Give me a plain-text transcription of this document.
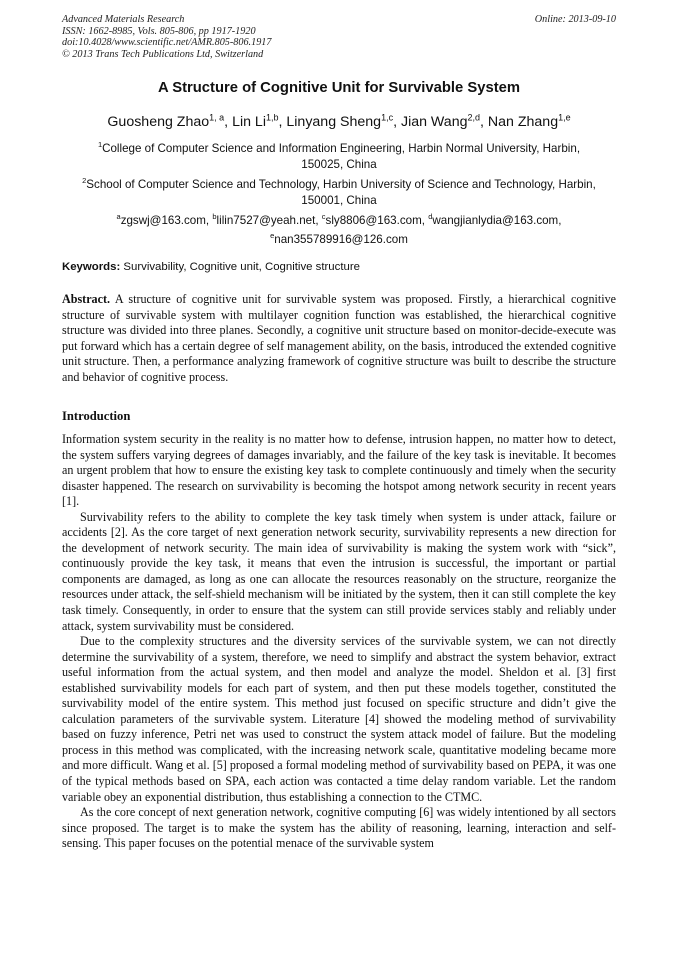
Advanced Materials Research
ISSN: 1662-8985, Vols. 805-806, pp 1917-1920
doi:10.4028/www.scientific.net/AMR.805-806.1917
© 2013 Trans Tech Publications Ltd, Switzerland
Online: 2013-09-10
A Structure of Cognitive Unit for Survivable System
Guosheng Zhao$^{1, a}$, Lin Li$^{1,b}$, Linyang Sheng$^{1,c}$, Jian Wang$^{2,d}$, Nan Zhang$^{1,e}$
$^1$College of Computer Science and Information Engineering, Harbin Normal University, Harbin,
150025, China
$^2$School of Computer Science and Technology, Harbin University of Science and Technology, Harbin,
150001, China
$^a$zgswj@163.com, $^b$lilin7527@yeah.net, $^c$sly8806@163.com, $^d$wangjianlydia@163.com,
$^e$nan355789916@126.com
Keywords: Survivability, Cognitive unit, Cognitive structure

Abstract. A structure of cognitive unit for survivable system was proposed. Firstly, a hierarchical cognitive structure of survivable system with multilayer cognition function was established, the hierarchical cognitive structure was divided into three planes. Secondly, a cognitive unit structure based on monitor-decide-execute was put forward which has a certain degree of self management ability, on the basis, introduced the extended cognitive unit structure. Then, a performance analyzing framework of cognitive structure was built to describe the structure and behavior of cognitive process.

Introduction

Information system security in the reality is no matter how to defense, intrusion happen, no matter how to detect, the system suffers varying degrees of damages invariably, and the failure of the key task is inevitable. It becomes an urgent problem that how to ensure the existing key task to complete continuously and timely when the security disaster happened. The research on survivability is becoming the hotspot among network security in recent years [1].

Survivability refers to the ability to complete the key task timely when system is under attack, failure or accidents [2]. As the core target of next generation network security, survivability represents a new direction for the development of network security. The main idea of survivability is making the system work with “sick”, continuously provide the key task, it means that even the intrusion is successful, the important or partial components are damaged, as long as one can allocate the resources reasonably on the structure, reorganize the resources under attack, the self-shield mechanism will be initiated by the system, then it can still complete the key task timely. Consequently, in order to ensure that the system can still provide services stably and reliably under attack, system survivability must be considered.

Due to the complexity structures and the diversity services of the survivable system, we can not directly determine the survivability of a system, therefore, we need to simplify and abstract the system behavior, extract useful information from the actual system, and then model and analyze the model. Sheldon et al. [3] first established survivability models for each part of system, and then put these models together, constituted the survivability model of the entire system. This method just focused on specific structure and didn’t give the calculation parameters of the survivable system. Literature [4] showed the modeling method of survivability based on fuzzy inference, Petri net was used to construct the system attack model of failure. But the modeling process in this method was complicated, with the increasing network scale, quantitative modeling became more and more difficult. Wang et al. [5] proposed a formal modeling method of survivability based on PEPA, it was one of the typical methods based on SPA, each action was contacted a time delay random variable. Let the random variable obey an exponential distribution, thus establishing a connection to the CTMC.

As the core concept of next generation network, cognitive computing [6] was widely intentioned by all sectors since proposed. The target is to make the system has the ability of reasoning, learning, interaction and self-sensing. This paper focuses on the potential menace of the survivable system
